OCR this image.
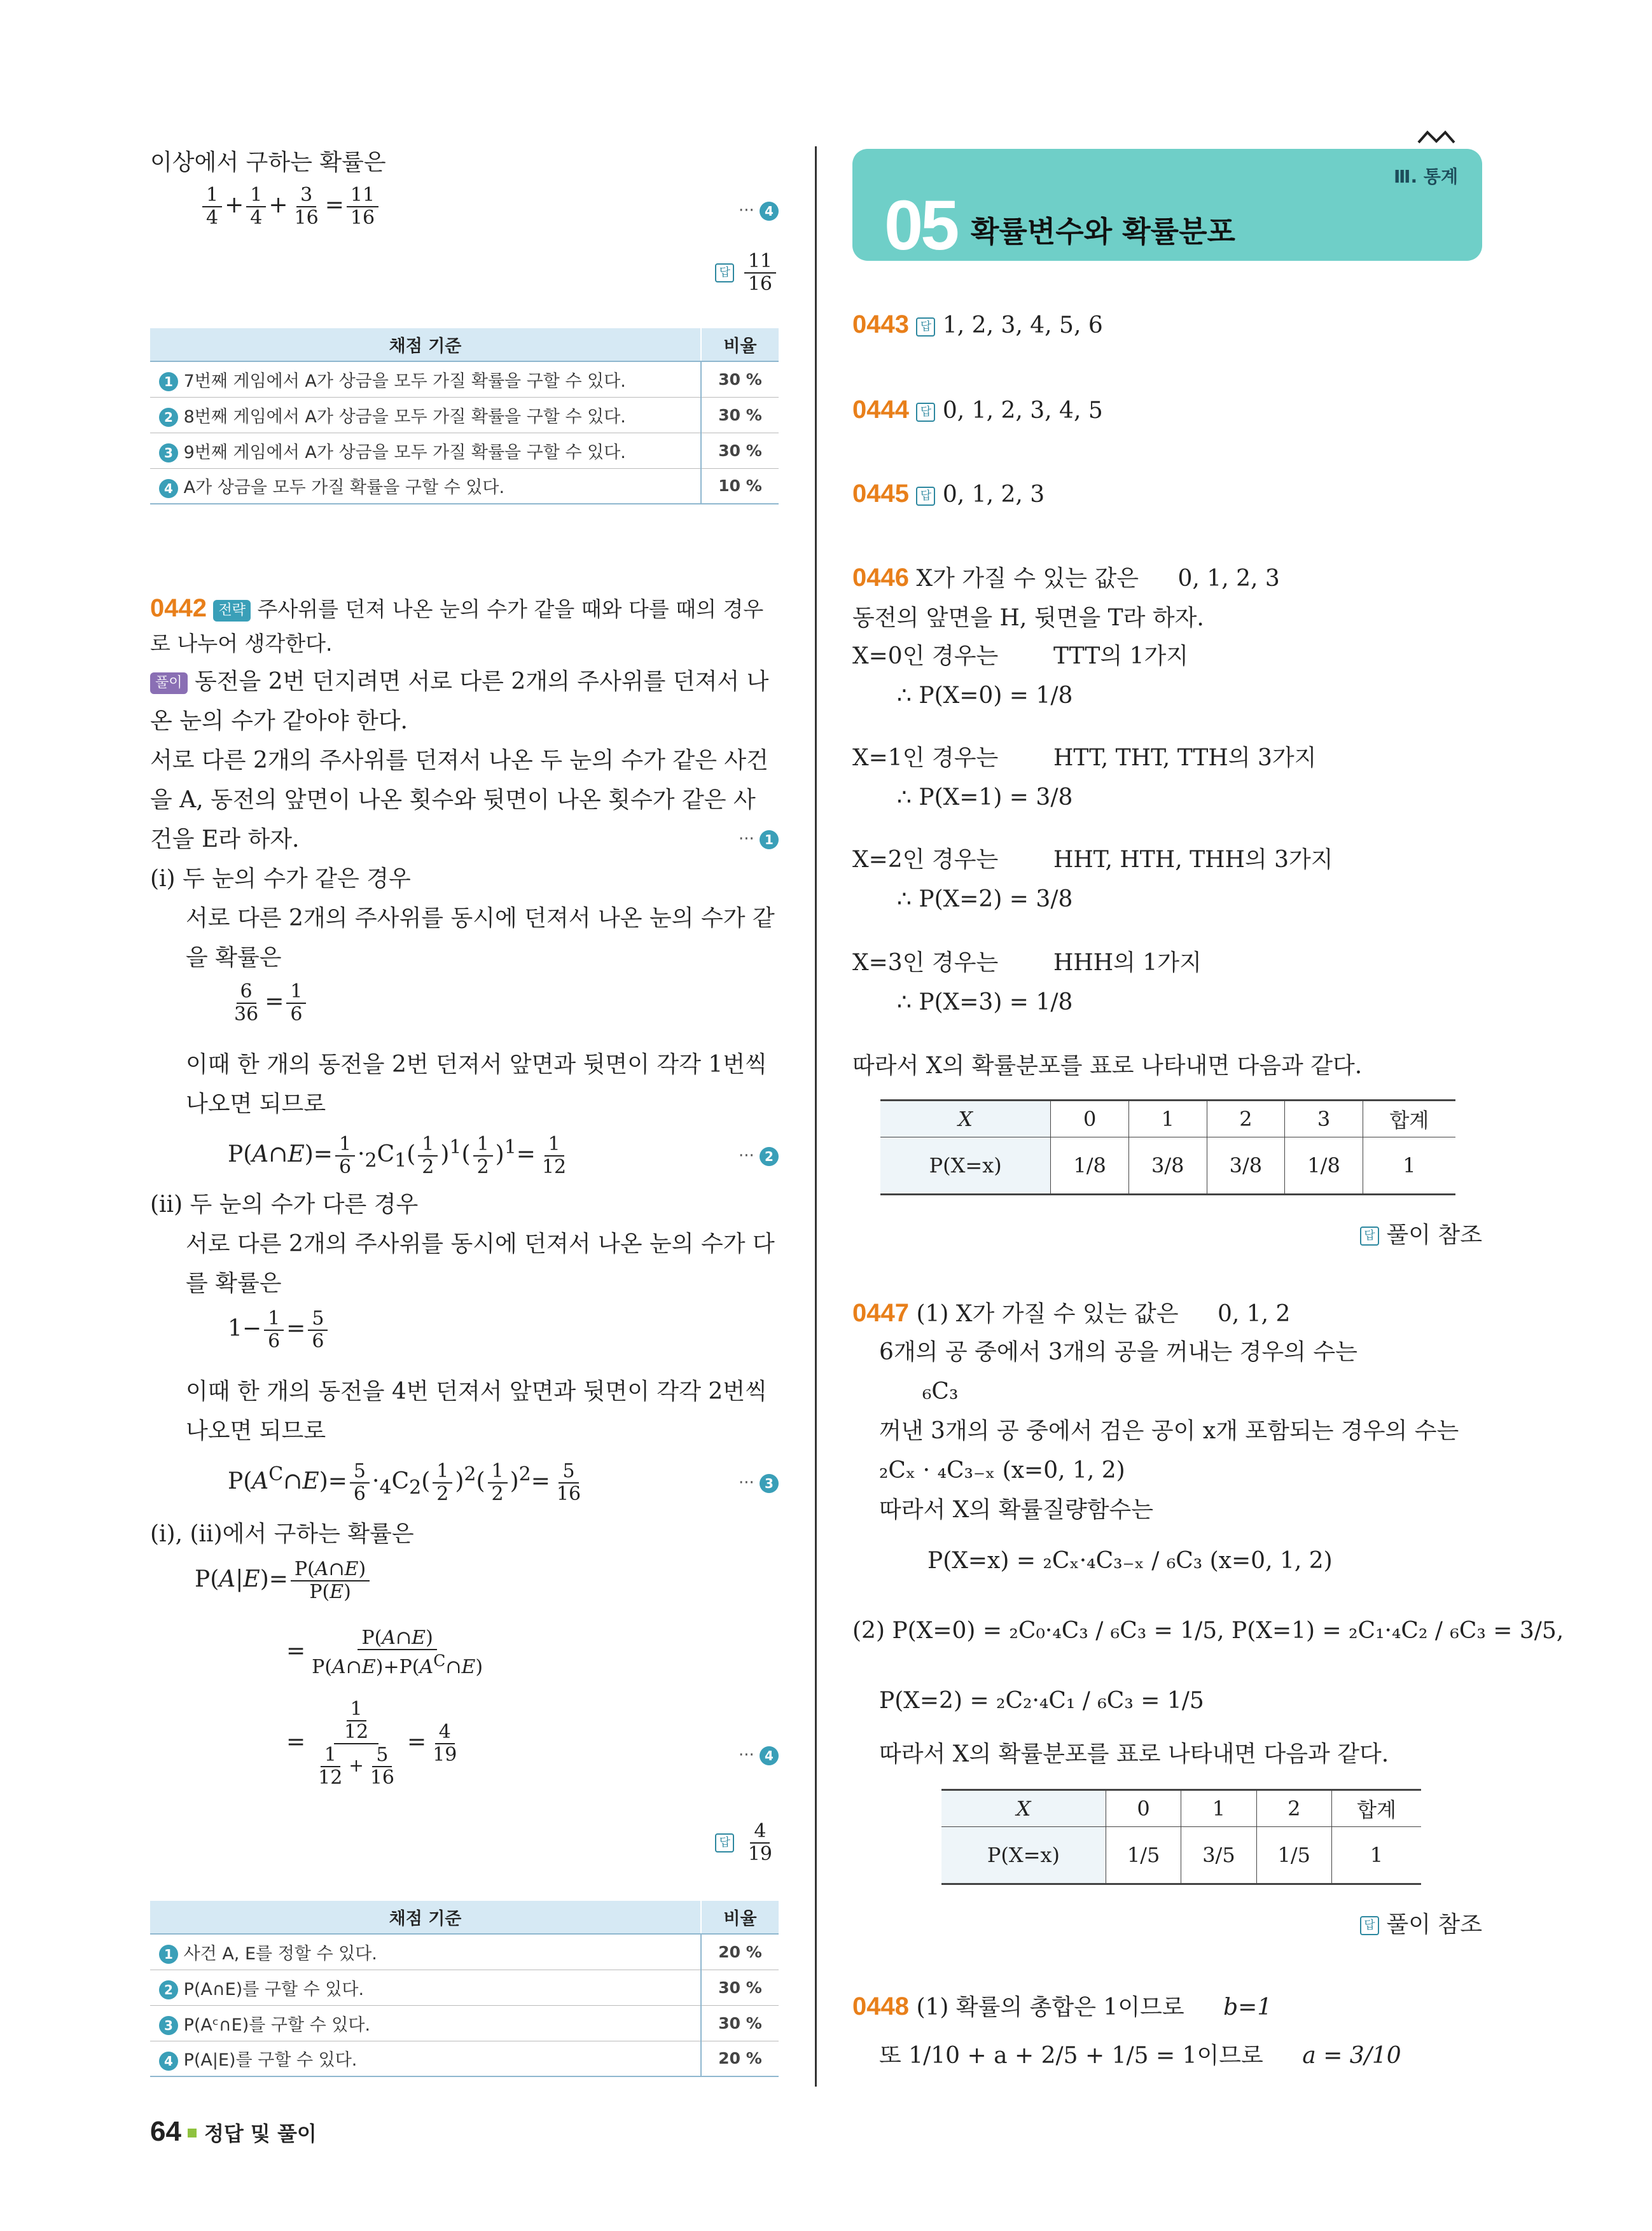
이상에서 구하는 확률은
$\frac{1}{4} + \frac{1}{4} + \frac{3}{16} = \frac{11}{16}$	··· 4
답 $\frac{11}{16}$
채점 기준	비율
1 7번째 게임에서 A가 상금을 모두 가질 확률을 구할 수 있다.	30 %
2 8번째 게임에서 A가 상금을 모두 가질 확률을 구할 수 있다.	30 %
3 9번째 게임에서 A가 상금을 모두 가질 확률을 구할 수 있다.	30 %
4 A가 상금을 모두 가질 확률을 구할 수 있다.	10 %
0442 전략 주사위를 던져 나온 눈의 수가 같을 때와 다를 때의 경우
로 나누어 생각한다.
풀이 동전을 2번 던지려면 서로 다른 2개의 주사위를 던져서 나
온 눈의 수가 같아야 한다.
서로 다른 2개의 주사위를 던져서 나온 두 눈의 수가 같은 사건
을 A, 동전의 앞면이 나온 횟수와 뒷면이 나온 횟수가 같은 사
건을 E라 하자.	··· 1
(i) 두 눈의 수가 같은 경우
서로 다른 2개의 주사위를 동시에 던져서 나온 눈의 수가 같
을 확률은
$\frac{6}{36} = \frac{1}{6}$
이때 한 개의 동전을 2번 던져서 앞면과 뒷면이 각각 1번씩
나오면 되므로
P(A∩E)= $\frac{1}{6} \cdot_2C_1( \frac{1}{2} )^1( \frac{1}{2} )^1= \frac{1}{12}$	··· 2
(ii) 두 눈의 수가 다른 경우
서로 다른 2개의 주사위를 동시에 던져서 나온 눈의 수가 다
를 확률은
$1- \frac{1}{6} = \frac{5}{6}$
이때 한 개의 동전을 4번 던져서 앞면과 뒷면이 각각 2번씩
나오면 되므로
$P(A^C\cap E)= \frac{5}{6} \cdot_4C_2( \frac{1}{2} )^2( \frac{1}{2} )^2= \frac{5}{16}$	··· 3
(i), (ii)에서 구하는 확률은
$P(A|E)= \frac{P(A\cap E)}{P(E)}$
= $\frac{P(A\cap E)}{P(A\cap E)+P(A^C\cap E)}$
= $\frac{\frac{1}{12}}{\frac{1}{12} + \frac{5}{16}} = \frac{4}{19}$	··· 4
답 $\frac{4}{19}$
채점 기준	비율
1 사건 A, E를 정할 수 있다.	20 %
2 P(A∩E)를 구할 수 있다.	30 %
3 P(Aᶜ∩E)를 구할 수 있다.	30 %
4 P(A|E)를 구할 수 있다.	20 %
Ⅲ. 통계
05 확률변수와 확률분포
0443 답 1, 2, 3, 4, 5, 6
0444 답 0, 1, 2, 3, 4, 5
0445 답 0, 1, 2, 3
0446 X가 가질 수 있는 값은 0, 1, 2, 3
동전의 앞면을 H, 뒷면을 T라 하자.
X=0인 경우는 TTT의 1가지
∴ P(X=0) = 1/8
X=1인 경우는 HTT, THT, TTH의 3가지
∴ P(X=1) = 3/8
X=2인 경우는 HHT, HTH, THH의 3가지
∴ P(X=2) = 3/8
X=3인 경우는 HHH의 1가지
∴ P(X=3) = 1/8
따라서 X의 확률분포를 표로 나타내면 다음과 같다.
X	0	1	2	3	합계
P(X=x)	1/8	3/8	3/8	1/8	1
답 풀이 참조
0447 (1) X가 가질 수 있는 값은 0, 1, 2
6개의 공 중에서 3개의 공을 꺼내는 경우의 수는
₆C₃
꺼낸 3개의 공 중에서 검은 공이 x개 포함되는 경우의 수는
₂Cₓ · ₄C₃₋ₓ (x=0, 1, 2)
따라서 X의 확률질량함수는
P(X=x) = ₂Cₓ·₄C₃₋ₓ / ₆C₃ (x=0, 1, 2)
(2) P(X=0) = ₂C₀·₄C₃ / ₆C₃ = 1/5, P(X=1) = ₂C₁·₄C₂ / ₆C₃ = 3/5,
P(X=2) = ₂C₂·₄C₁ / ₆C₃ = 1/5
따라서 X의 확률분포를 표로 나타내면 다음과 같다.
X	0	1	2	합계
P(X=x)	1/5	3/5	1/5	1
답 풀이 참조
0448 (1) 확률의 총합은 1이므로 b=1
또 1/10 + a + 2/5 + 1/5 = 1이므로 a = 3/10
64 정답 및 풀이
